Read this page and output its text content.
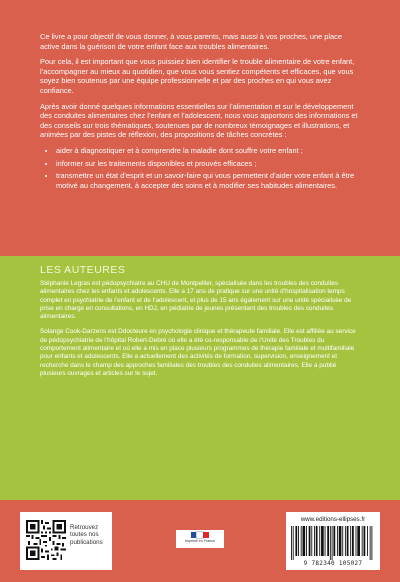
Ce livre a pour objectif de vous donner, à vous parents, mais aussi à vos proches, une place active dans la guérison de votre enfant face aux troubles alimentaires.

Pour cela, il est important que vous puissiez bien identifier le trouble alimentaire de votre enfant, l’accompagner au mieux au quotidien, que vous vous sentiez compétents et efficaces, que vous soyez bien soutenus par une équipe professionnelle et par des proches en qui vous avez confiance.

Après avoir donné quelques informations essentielles sur l’alimentation et sur le développement des conduites alimentaires chez l’enfant et l’adolescent, nous vous apportons des informations et des conseils sur trois thématiques, soutenues par de nombreux témoignages et illustrations, et animées par des pistes de réflexion, des propositions de tâches concrètes :

• aider à diagnostiquer et à comprendre la maladie dont souffre votre enfant ;
• informer sur les traitements disponibles et prouvés efficaces ;
• transmettre un état d’esprit et un savoir-faire qui vous permettent d’aider votre enfant à être motivé au changement, à accepter des soins et à modifier ses habitudes alimentaires.
LES AUTEURES

Stéphanie Legras est pédopsychiatre au CHU de Montpellier, spécialisée dans les troubles des conduites alimentaires chez les enfants et adolescents. Elle a 17 ans de pratique sur une unité d’hospitalisation temps complet en psychiatrie de l’enfant et de l’adolescent, et plus de 15 ans également sur une unité spécialisée de prise en charge en consultations, en HDJ, en pédiatrie de jeunes présentant des troubles des conduites alimentaires.

Solange Cook-Darzens est Ddocteure en psychologie clinique et thérapeute familiale. Elle est affiliée au service de pédopsychiatrie de l’hôpital Robert-Debré où elle a été co-responsable de l’Unité des Troubles du comportement alimentaire et où elle a mis en place plusieurs programmes de thérapie familiale et multifamiliale pour enfants et adolescents. Elle a actuellement des activités de formation, supervision, enseignement et recherche dans le champ des approches familiales des troubles des conduites alimentaires. Elle a publié plusieurs ouvrages et articles sur le sujet.

Retrouvez
toutes nos
publications	Imprimé en France
www.editions-ellipses.fr
9 782340 105027
